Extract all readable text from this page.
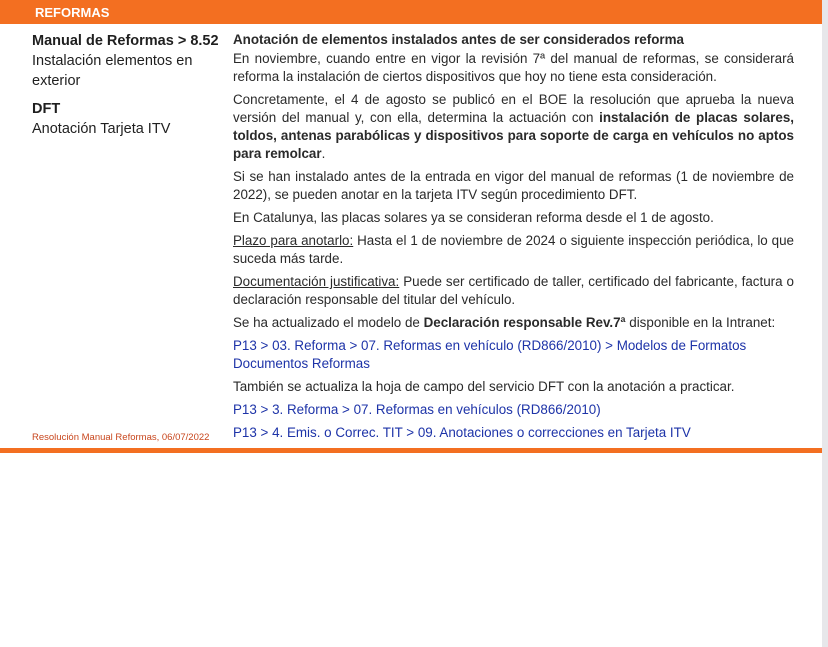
REFORMAS
Manual de Reformas > 8.52
Instalación elementos en exterior
DFT
Anotación Tarjeta ITV

Anotación de elementos instalados antes de ser considerados reforma

En noviembre, cuando entre en vigor la revisión 7ª del manual de reformas, se considerará reforma la instalación de ciertos dispositivos que hoy no tiene esta consideración.

Concretamente, el 4 de agosto se publicó en el BOE la resolución que aprueba la nueva versión del manual y, con ella, determina la actuación con instalación de placas solares, toldos, antenas parabólicas y dispositivos para soporte de carga en vehículos no aptos para remolcar.

Si se han instalado antes de la entrada en vigor del manual de reformas (1 de noviembre de 2022), se pueden anotar en la tarjeta ITV según procedimiento DFT.

En Catalunya, las placas solares ya se consideran reforma desde el 1 de agosto.

Plazo para anotarlo: Hasta el 1 de noviembre de 2024 o siguiente inspección periódica, lo que suceda más tarde.

Documentación justificativa: Puede ser certificado de taller, certificado del fabricante, factura o declaración responsable del titular del vehículo.

Se ha actualizado el modelo de Declaración responsable Rev.7ª disponible en la Intranet:

P13 > 03. Reforma > 07. Reformas en vehículo (RD866/2010) > Modelos de Formatos Documentos Reformas

También se actualiza la hoja de campo del servicio DFT con la anotación a practicar.

P13 > 3. Reforma > 07. Reformas en vehículos (RD866/2010)

P13 > 4. Emis. o Correc. TIT > 09. Anotaciones o correcciones en Tarjeta ITV

Resolución Manual Reformas, 06/07/2022
